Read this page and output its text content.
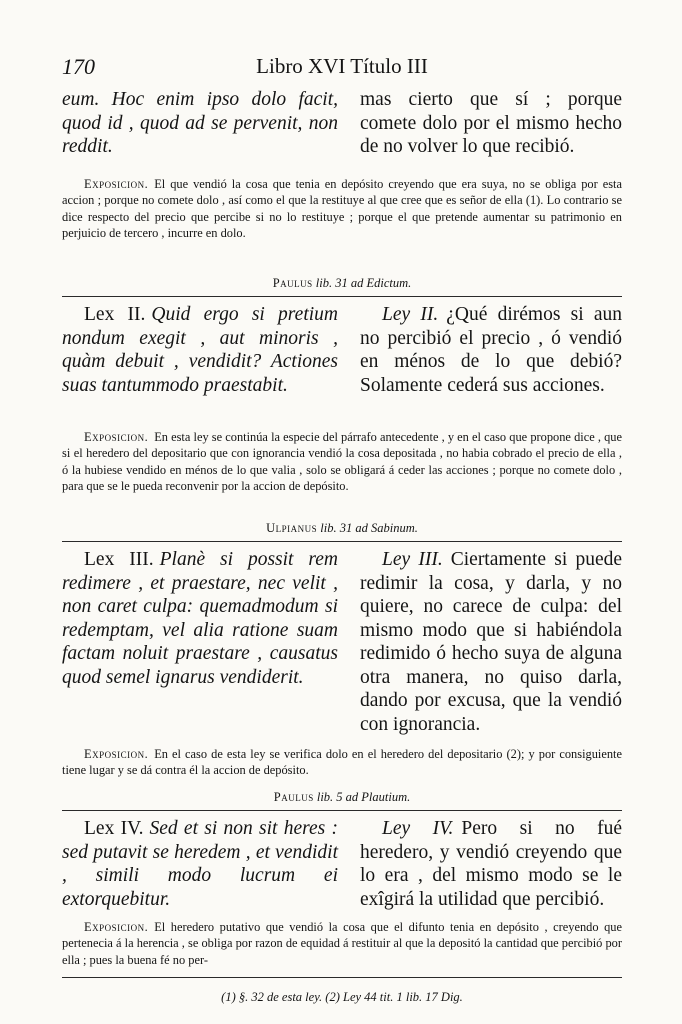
170	Libro XVI Título III

eum. Hoc enim ipso dolo facit, quod id , quod ad se pervenit, non reddit.

mas cierto que sí ; porque comete dolo por el mismo hecho de no volver lo que recibió.

Exposicion. El que vendió la cosa que tenia en depósito creyendo que era suya, no se obliga por esta accion ; porque no comete dolo , así como el que la restituye al que cree que es señor de ella (1). Lo contrario se dice respecto del precio que percibe si no lo restituye ; porque el que pretende aumentar su patrimonio en perjuicio de tercero , incurre en dolo.

Paulus lib. 31 ad Edictum.

Lex II. Quid ergo si pretium nondum exegit , aut minoris , quàm debuit , vendidit? Actiones suas tantummodo praestabit.

Ley II. ¿Qué dirémos si aun no percibió el precio , ó vendió en ménos de lo que debió? Solamente cederá sus acciones.

Exposicion. En esta ley se continúa la especie del párrafo antecedente , y en el caso que propone dice , que si el heredero del depositario que con ignorancia vendió la cosa depositada , no habia cobrado el precio de ella , ó la hubiese vendido en ménos de lo que valia , solo se obligará á ceder las acciones ; porque no comete dolo , para que se le pueda reconvenir por la accion de depósito.

Ulpianus lib. 31 ad Sabinum.

Lex III. Planè si possit rem redimere , et praestare, nec velit , non caret culpa: quemadmodum si redemptam, vel alia ratione suam factam noluit praestare , causatus quod semel ignarus vendiderit.

Ley III. Ciertamente si puede redimir la cosa, y darla, y no quiere, no carece de culpa: del mismo modo que si habiéndola redimido ó hecho suya de alguna otra manera, no quiso darla, dando por excusa, que la vendió con ignorancia.

Exposicion. En el caso de esta ley se verifica dolo en el heredero del depositario (2); y por consiguiente tiene lugar y se dá contra él la accion de depósito.

Paulus lib. 5 ad Plautium.

Lex IV. Sed et si non sit heres : sed putavit se heredem , et vendidit , simili modo lucrum ei extorquebitur.

Ley IV. Pero si no fué heredero, y vendió creyendo que lo era , del mismo modo se le exîgirá la utilidad que percibió.

Exposicion. El heredero putativo que vendió la cosa que el difunto tenia en depósito , creyendo que pertenecia á la herencia , se obliga por razon de equidad á restituir al que la depositó la cantidad que percibió por ella ; pues la buena fé no per-

(1) §. 32 de esta ley. (2) Ley 44 tit. 1 lib. 17 Dig.
